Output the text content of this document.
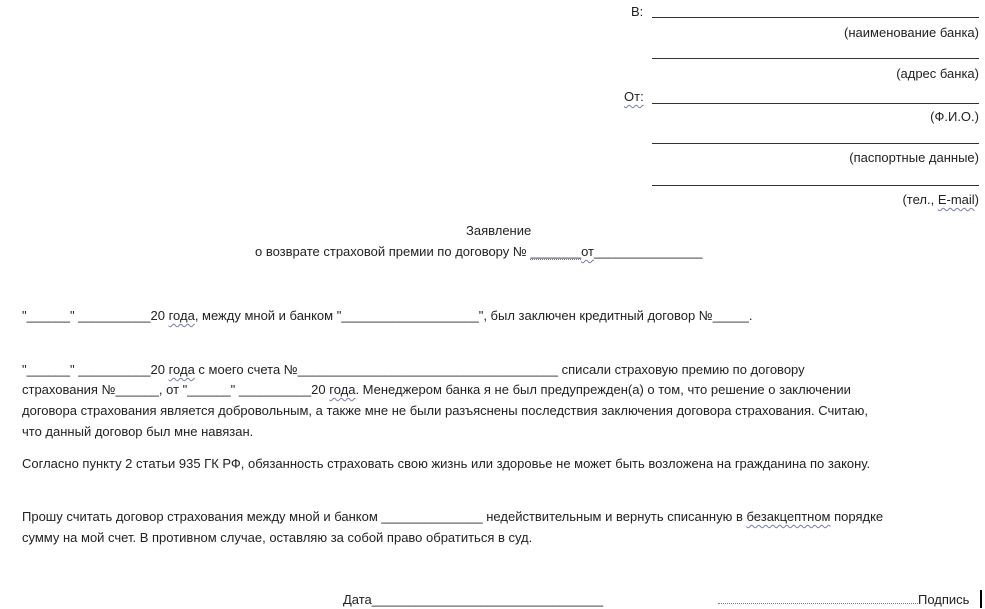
В:
(наименование банка)
(адрес банка)
От:
(Ф.И.О.)
(паспортные данные)
(тел., E-mail)
Заявление
о возврате страховой премии по договору № _______от_______________
"______" __________20 года, между мной и банком "___________________", был заключен кредитный договор №_____.
"______" __________20 года с моего счета №____________________________________ списали страховую премию по договору
страхования №______, от "______" __________20 года. Менеджером банка я не был предупрежден(а) о том, что решение о заключении
договора страхования является добровольным, а также мне не были разъяснены последствия заключения договора страхования. Считаю,
что данный договор был мне навязан.
Согласно пункту 2 статьи 935 ГК РФ, обязанность страховать свою жизнь или здоровье не может быть возложена на гражданина по закону.
Прошу считать договор страхования между мной и банком ______________ недействительным и вернуть списанную в безакцептном порядке
сумму на мой счет. В противном случае, оставляю за собой право обратиться в суд.
Дата________________________________	Подпись
